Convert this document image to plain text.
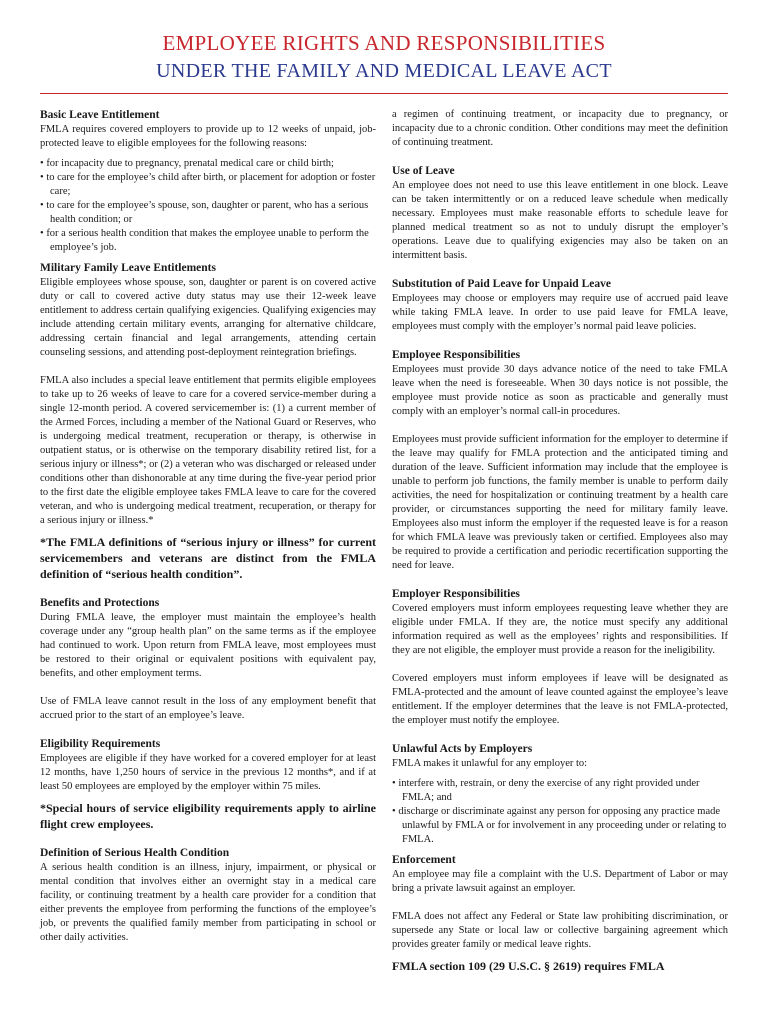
EMPLOYEE RIGHTS AND RESPONSIBILITIES
UNDER THE FAMILY AND MEDICAL LEAVE ACT
Basic Leave Entitlement

FMLA requires covered employers to provide up to 12 weeks of unpaid, job-protected leave to eligible employees for the following reasons:

• for incapacity due to pregnancy, prenatal medical care or child birth;
• to care for the employee’s child after birth, or placement for adoption or foster care;
• to care for the employee’s spouse, son, daughter or parent, who has a serious health condition; or
• for a serious health condition that makes the employee unable to perform the employee’s job.
Military Family Leave Entitlements

Eligible employees whose spouse, son, daughter or parent is on covered active duty or call to covered active duty status may use their 12-week leave entitlement to address certain qualifying exigencies. Qualifying exigencies may include attending certain military events, arranging for alternative childcare, addressing certain financial and legal arrangements, attending certain counseling sessions, and attending post-deployment reintegration briefings.

FMLA also includes a special leave entitlement that permits eligible employees to take up to 26 weeks of leave to care for a covered service-member during a single 12-month period. A covered servicemember is: (1) a current member of the Armed Forces, including a member of the National Guard or Reserves, who is undergoing medical treatment, recuperation or therapy, is otherwise in outpatient status, or is otherwise on the temporary disability retired list, for a serious injury or illness*; or (2) a veteran who was discharged or released under conditions other than dishonorable at any time during the five-year period prior to the first date the eligible employee takes FMLA leave to care for the covered veteran, and who is undergoing medical treatment, recuperation, or therapy for a serious injury or illness.*

*The FMLA definitions of “serious injury or illness” for current servicemembers and veterans are distinct from the FMLA definition of “serious health condition”.

Benefits and Protections

During FMLA leave, the employer must maintain the employee’s health coverage under any “group health plan” on the same terms as if the employee had continued to work. Upon return from FMLA leave, most employees must be restored to their original or equivalent positions with equivalent pay, benefits, and other employment terms.

Use of FMLA leave cannot result in the loss of any employment benefit that accrued prior to the start of an employee’s leave.

Eligibility Requirements

Employees are eligible if they have worked for a covered employer for at least 12 months, have 1,250 hours of service in the previous 12 months*, and if at least 50 employees are employed by the employer within 75 miles.

*Special hours of service eligibility requirements apply to airline flight crew employees.

Definition of Serious Health Condition

A serious health condition is an illness, injury, impairment, or physical or mental condition that involves either an overnight stay in a medical care facility, or continuing treatment by a health care provider for a condition that either prevents the employee from performing the functions of the employee’s job, or prevents the qualified family member from participating in school or other daily activities.

a regimen of continuing treatment, or incapacity due to pregnancy, or incapacity due to a chronic condition. Other conditions may meet the definition of continuing treatment.

Use of Leave

An employee does not need to use this leave entitlement in one block. Leave can be taken intermittently or on a reduced leave schedule when medically necessary. Employees must make reasonable efforts to schedule leave for planned medical treatment so as not to unduly disrupt the employer’s operations. Leave due to qualifying exigencies may also be taken on an intermittent basis.

Substitution of Paid Leave for Unpaid Leave

Employees may choose or employers may require use of accrued paid leave while taking FMLA leave. In order to use paid leave for FMLA leave, employees must comply with the employer’s normal paid leave policies.

Employee Responsibilities

Employees must provide 30 days advance notice of the need to take FMLA leave when the need is foreseeable. When 30 days notice is not possible, the employee must provide notice as soon as practicable and generally must comply with an employer’s normal call-in procedures.

Employees must provide sufficient information for the employer to determine if the leave may qualify for FMLA protection and the anticipated timing and duration of the leave. Sufficient information may include that the employee is unable to perform job functions, the family member is unable to perform daily activities, the need for hospitalization or continuing treatment by a health care provider, or circumstances supporting the need for military family leave. Employees also must inform the employer if the requested leave is for a reason for which FMLA leave was previously taken or certified. Employees also may be required to provide a certification and periodic recertification supporting the need for leave.

Employer Responsibilities

Covered employers must inform employees requesting leave whether they are eligible under FMLA. If they are, the notice must specify any additional information required as well as the employees’ rights and responsibilities. If they are not eligible, the employer must provide a reason for the ineligibility.

Covered employers must inform employees if leave will be designated as FMLA-protected and the amount of leave counted against the employee’s leave entitlement. If the employer determines that the leave is not FMLA-protected, the employer must notify the employee.

Unlawful Acts by Employers

FMLA makes it unlawful for any employer to:

• interfere with, restrain, or deny the exercise of any right provided under FMLA; and
• discharge or discriminate against any person for opposing any practice made unlawful by FMLA or for involvement in any proceeding under or relating to FMLA.
Enforcement

An employee may file a complaint with the U.S. Department of Labor or may bring a private lawsuit against an employer.

FMLA does not affect any Federal or State law prohibiting discrimination, or supersede any State or local law or collective bargaining agreement which provides greater family or medical leave rights.

FMLA section 109 (29 U.S.C. § 2619) requires FMLA
